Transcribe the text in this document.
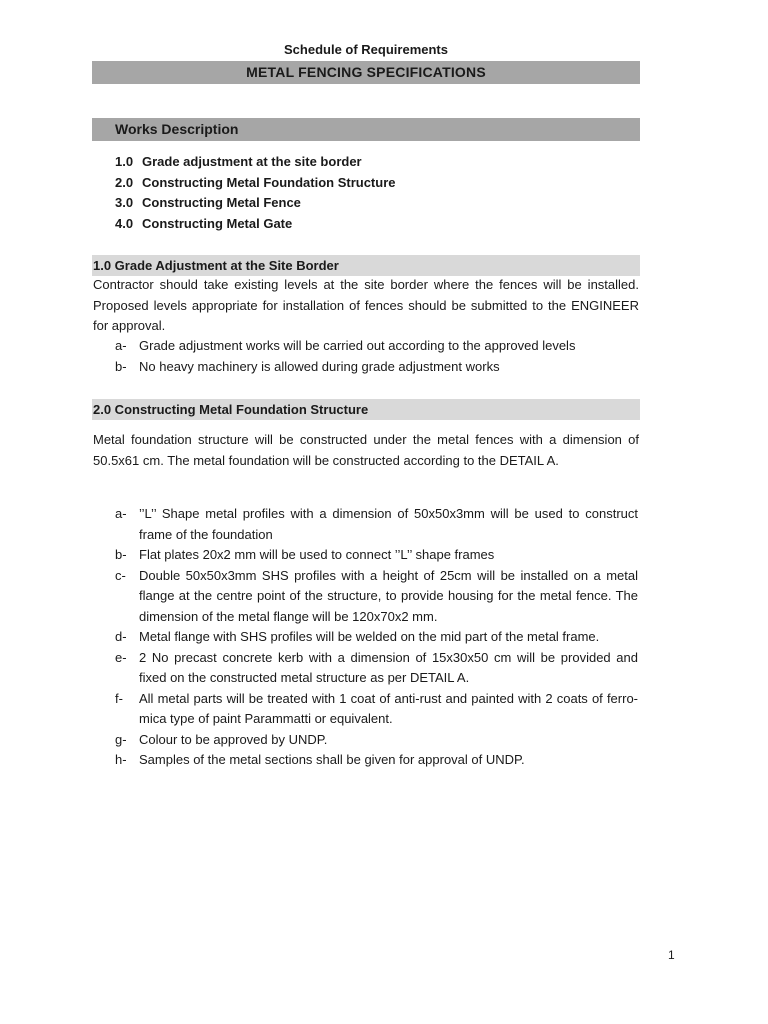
Schedule of Requirements
METAL FENCING SPECIFICATIONS
Works Description
1.0 Grade adjustment at the site border
2.0 Constructing Metal Foundation Structure
3.0 Constructing Metal Fence
4.0 Constructing Metal Gate
1.0 Grade Adjustment at the Site Border

Contractor should take existing levels at the site border where the fences will be installed. Proposed levels appropriate for installation of fences should be submitted to the ENGINEER for approval.

a- Grade adjustment works will be carried out according to the approved levels
b- No heavy machinery is allowed during grade adjustment works
2.0 Constructing Metal Foundation Structure

Metal foundation structure will be constructed under the metal fences with a dimension of 50.5x61 cm. The metal foundation will be constructed according to the DETAIL A.

a- ’’L’’ Shape metal profiles with a dimension of 50x50x3mm will be used to construct frame of the foundation
b- Flat plates 20x2 mm will be used to connect ’’L’’ shape frames
c-	Double 50x50x3mm SHS profiles with a height of 25cm will be installed on a metal flange at the centre point of the structure, to provide housing for the metal fence. The dimension of the metal flange will be 120x70x2 mm.
d- Metal flange with SHS profiles will be welded on the mid part of the metal frame.
e- 2 No precast concrete kerb with a dimension of 15x30x50 cm will be provided and fixed on the constructed metal structure as per DETAIL A.
f-	All metal parts will be treated with 1 coat of anti-rust and painted with 2 coats of ferro-mica type of paint Parammatti or equivalent.
g- Colour to be approved by UNDP.
h- Samples of the metal sections shall be given for approval of UNDP.
1
